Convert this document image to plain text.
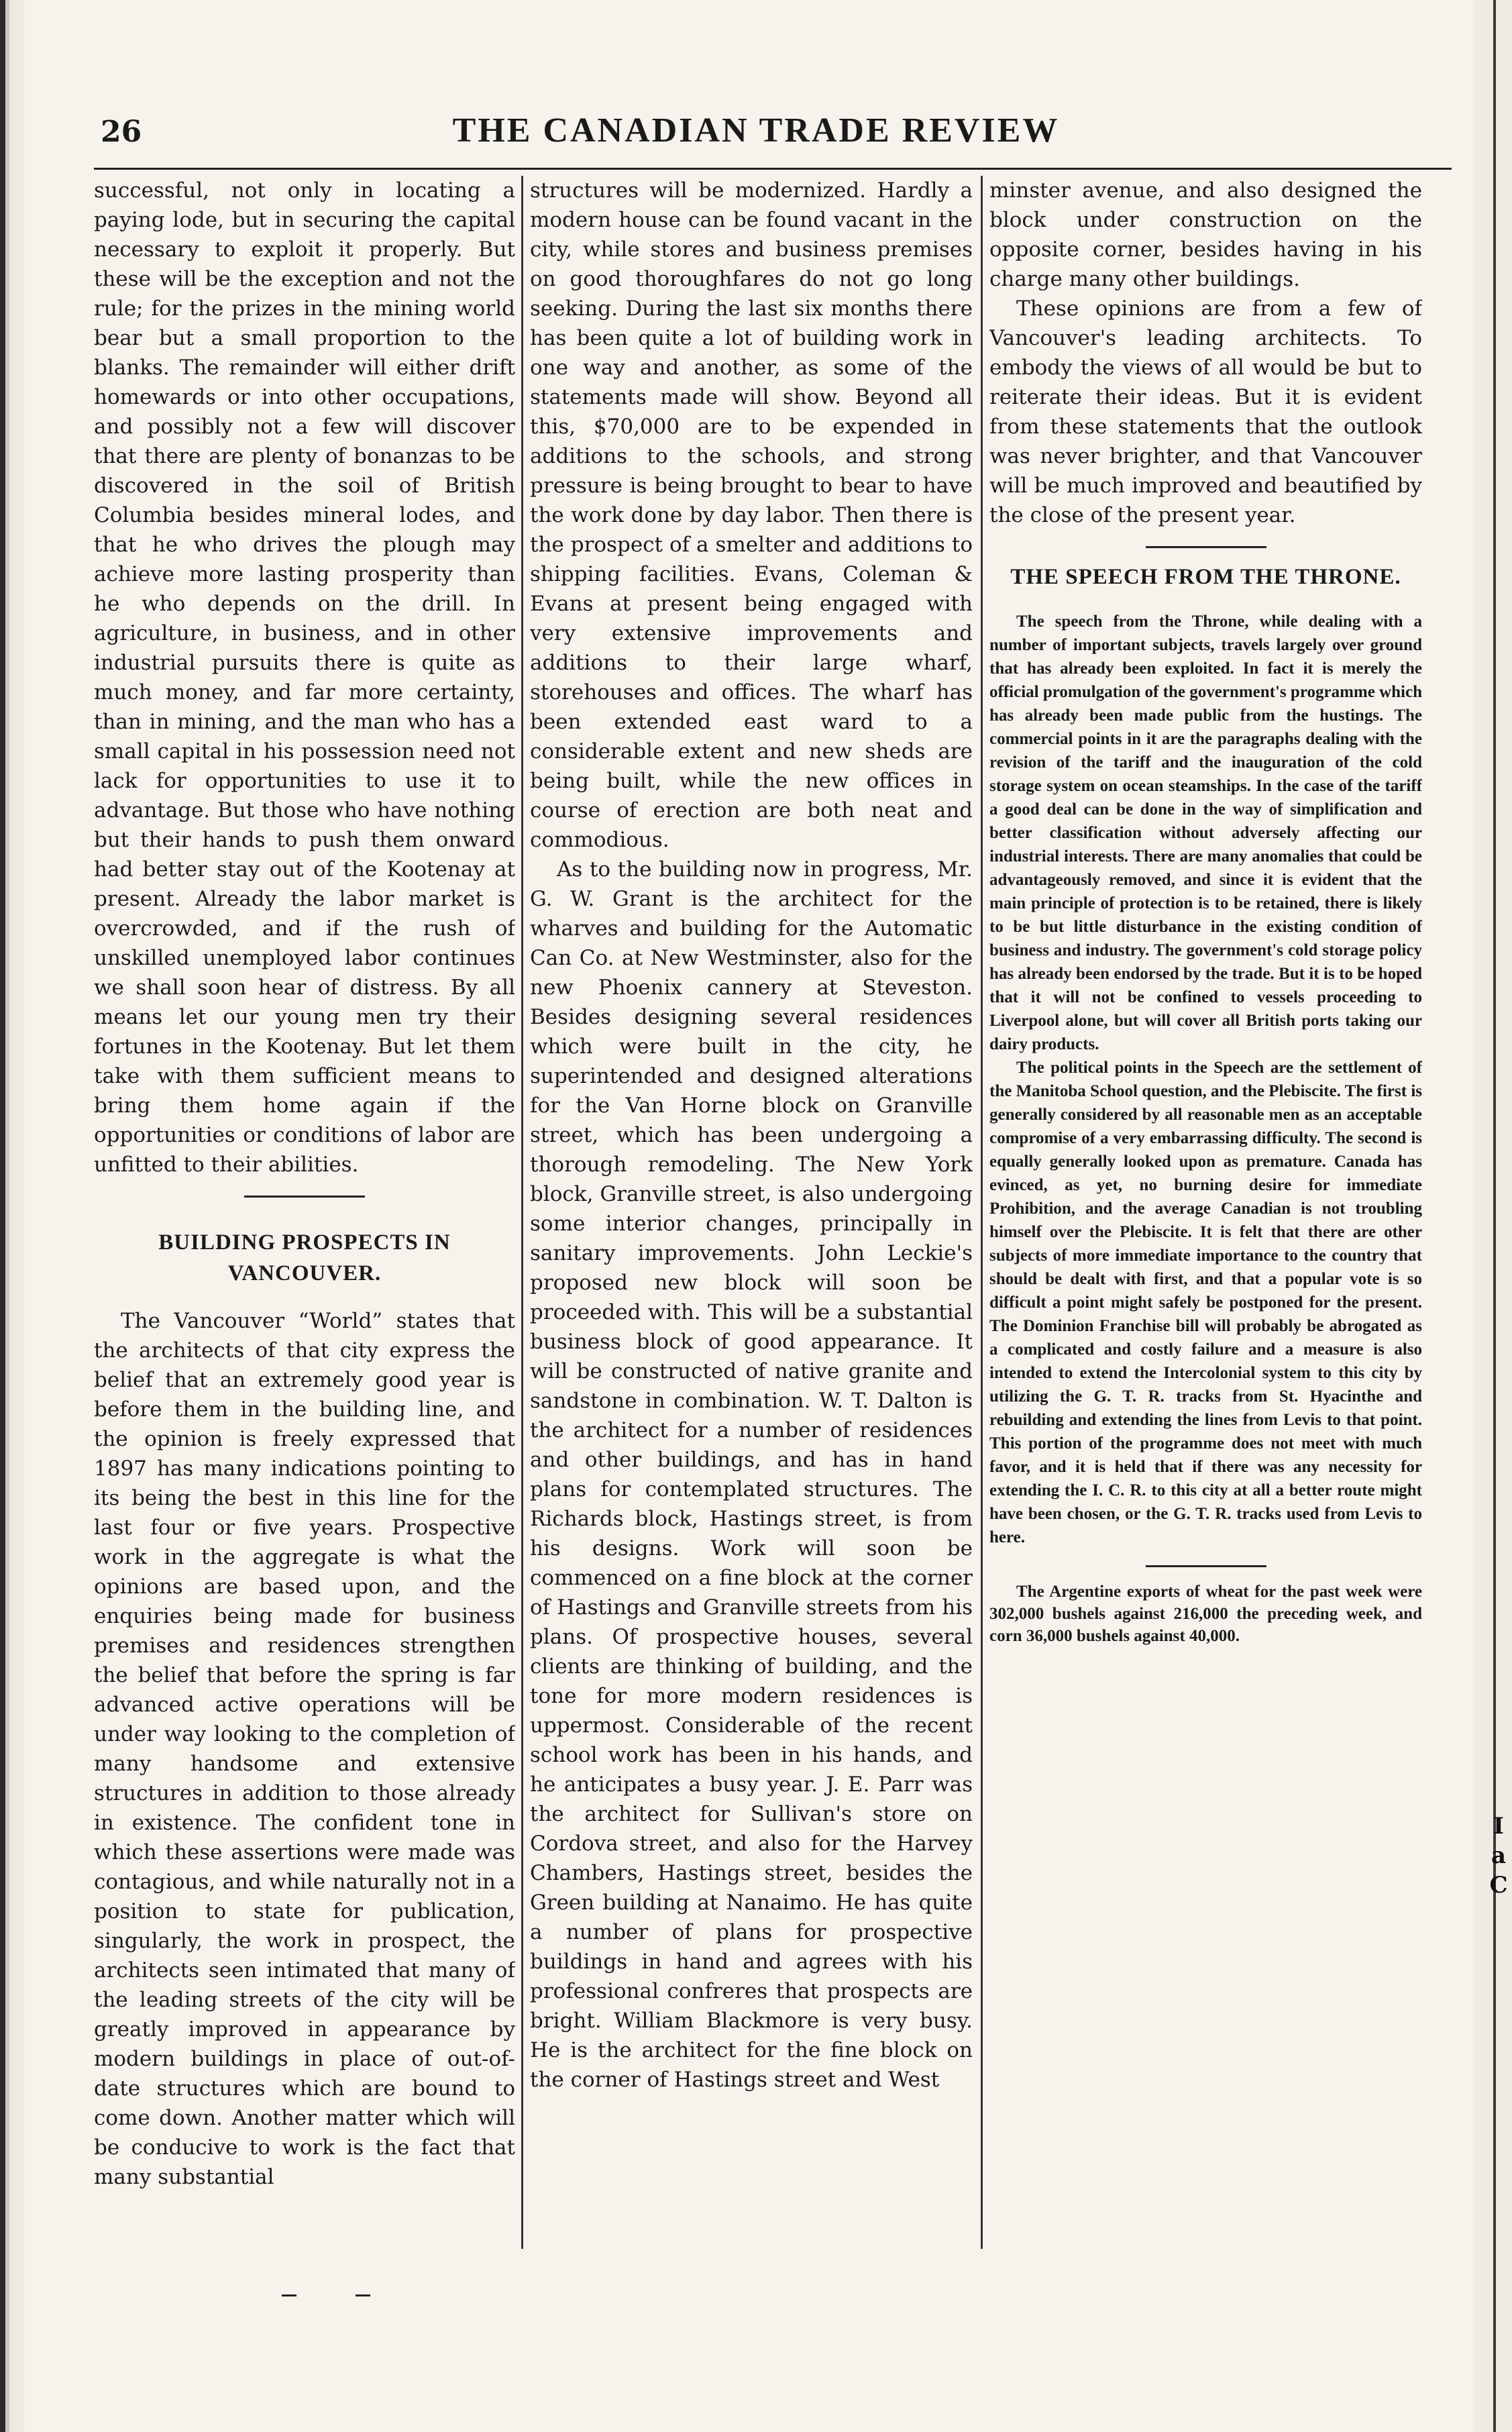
I
a
C
26	THE CANADIAN TRADE REVIEW

successful, not only in locating a paying lode, but in securing the capital necessary to exploit it properly. But these will be the exception and not the rule; for the prizes in the mining world bear but a small proportion to the blanks. The remainder will either drift homewards or into other occupations, and possibly not a few will discover that there are plenty of bonanzas to be discovered in the soil of British Columbia besides mineral lodes, and that he who drives the plough may achieve more lasting prosperity than he who depends on the drill. In agriculture, in business, and in other industrial pursuits there is quite as much money, and far more certainty, than in mining, and the man who has a small capital in his possession need not lack for opportunities to use it to advantage. But those who have nothing but their hands to push them onward had better stay out of the Kootenay at present. Already the labor market is overcrowded, and if the rush of unskilled unemployed labor continues we shall soon hear of distress. By all means let our young men try their fortunes in the Kootenay. But let them take with them sufficient means to bring them home again if the opportunities or conditions of labor are unfitted to their abilities.

BUILDING PROSPECTS IN VANCOUVER.

The Vancouver “World” states that the architects of that city express the belief that an extremely good year is before them in the building line, and the opinion is freely expressed that 1897 has many indications pointing to its being the best in this line for the last four or five years. Prospective work in the aggregate is what the opinions are based upon, and the enquiries being made for business premises and residences strengthen the belief that before the spring is far advanced active operations will be under way looking to the completion of many handsome and extensive structures in addition to those already in existence. The confident tone in which these assertions were made was contagious, and while naturally not in a position to state for publication, singularly, the work in prospect, the architects seen intimated that many of the leading streets of the city will be greatly improved in appearance by modern buildings in place of out-of-date structures which are bound to come down. Another matter which will be conducive to work is the fact that many substantial

structures will be modernized. Hardly a modern house can be found vacant in the city, while stores and business premises on good thoroughfares do not go long seeking. During the last six months there has been quite a lot of building work in one way and another, as some of the statements made will show. Beyond all this, $70,000 are to be expended in additions to the schools, and strong pressure is being brought to bear to have the work done by day labor. Then there is the prospect of a smelter and additions to shipping facilities. Evans, Coleman & Evans at present being engaged with very extensive improvements and additions to their large wharf, storehouses and offices. The wharf has been extended east ward to a considerable extent and new sheds are being built, while the new offices in course of erection are both neat and commodious.

As to the building now in progress, Mr. G. W. Grant is the architect for the wharves and building for the Automatic Can Co. at New Westminster, also for the new Phoenix cannery at Steveston. Besides designing several residences which were built in the city, he superintended and designed alterations for the Van Horne block on Granville street, which has been undergoing a thorough remodeling. The New York block, Granville street, is also undergoing some interior changes, principally in sanitary improvements. John Leckie's proposed new block will soon be proceeded with. This will be a substantial business block of good appearance. It will be constructed of native granite and sandstone in combination. W. T. Dalton is the architect for a number of residences and other buildings, and has in hand plans for contemplated structures. The Richards block, Hastings street, is from his designs. Work will soon be commenced on a fine block at the corner of Hastings and Granville streets from his plans. Of prospective houses, several clients are thinking of building, and the tone for more modern residences is uppermost. Considerable of the recent school work has been in his hands, and he anticipates a busy year. J. E. Parr was the architect for Sullivan's store on Cordova street, and also for the Harvey Chambers, Hastings street, besides the Green building at Nanaimo. He has quite a number of plans for prospective buildings in hand and agrees with his professional confreres that prospects are bright. William Blackmore is very busy. He is the architect for the fine block on the corner of Hastings street and West

minster avenue, and also designed the block under construction on the opposite corner, besides having in his charge many other buildings.

These opinions are from a few of Vancouver's leading architects. To embody the views of all would be but to reiterate their ideas. But it is evident from these statements that the outlook was never brighter, and that Vancouver will be much improved and beautified by the close of the present year.

THE SPEECH FROM THE THRONE.

The speech from the Throne, while dealing with a number of important subjects, travels largely over ground that has already been exploited. In fact it is merely the official promulgation of the government's programme which has already been made public from the hustings. The commercial points in it are the paragraphs dealing with the revision of the tariff and the inauguration of the cold storage system on ocean steamships. In the case of the tariff a good deal can be done in the way of simplification and better classification without adversely affecting our industrial interests. There are many anomalies that could be advantageously removed, and since it is evident that the main principle of protection is to be retained, there is likely to be but little disturbance in the existing condition of business and industry. The government's cold storage policy has already been endorsed by the trade. But it is to be hoped that it will not be confined to vessels proceeding to Liverpool alone, but will cover all British ports taking our dairy products.

The political points in the Speech are the settlement of the Manitoba School question, and the Plebiscite. The first is generally considered by all reasonable men as an acceptable compromise of a very embarrassing difficulty. The second is equally generally looked upon as premature. Canada has evinced, as yet, no burning desire for immediate Prohibition, and the average Canadian is not troubling himself over the Plebiscite. It is felt that there are other subjects of more immediate importance to the country that should be dealt with first, and that a popular vote is so difficult a point might safely be postponed for the present. The Dominion Franchise bill will probably be abrogated as a complicated and costly failure and a measure is also intended to extend the Intercolonial system to this city by utilizing the G. T. R. tracks from St. Hyacinthe and rebuilding and extending the lines from Levis to that point. This portion of the programme does not meet with much favor, and it is held that if there was any necessity for extending the I. C. R. to this city at all a better route might have been chosen, or the G. T. R. tracks used from Levis to here.

The Argentine exports of wheat for the past week were 302,000 bushels against 216,000 the preceding week, and corn 36,000 bushels against 40,000.
